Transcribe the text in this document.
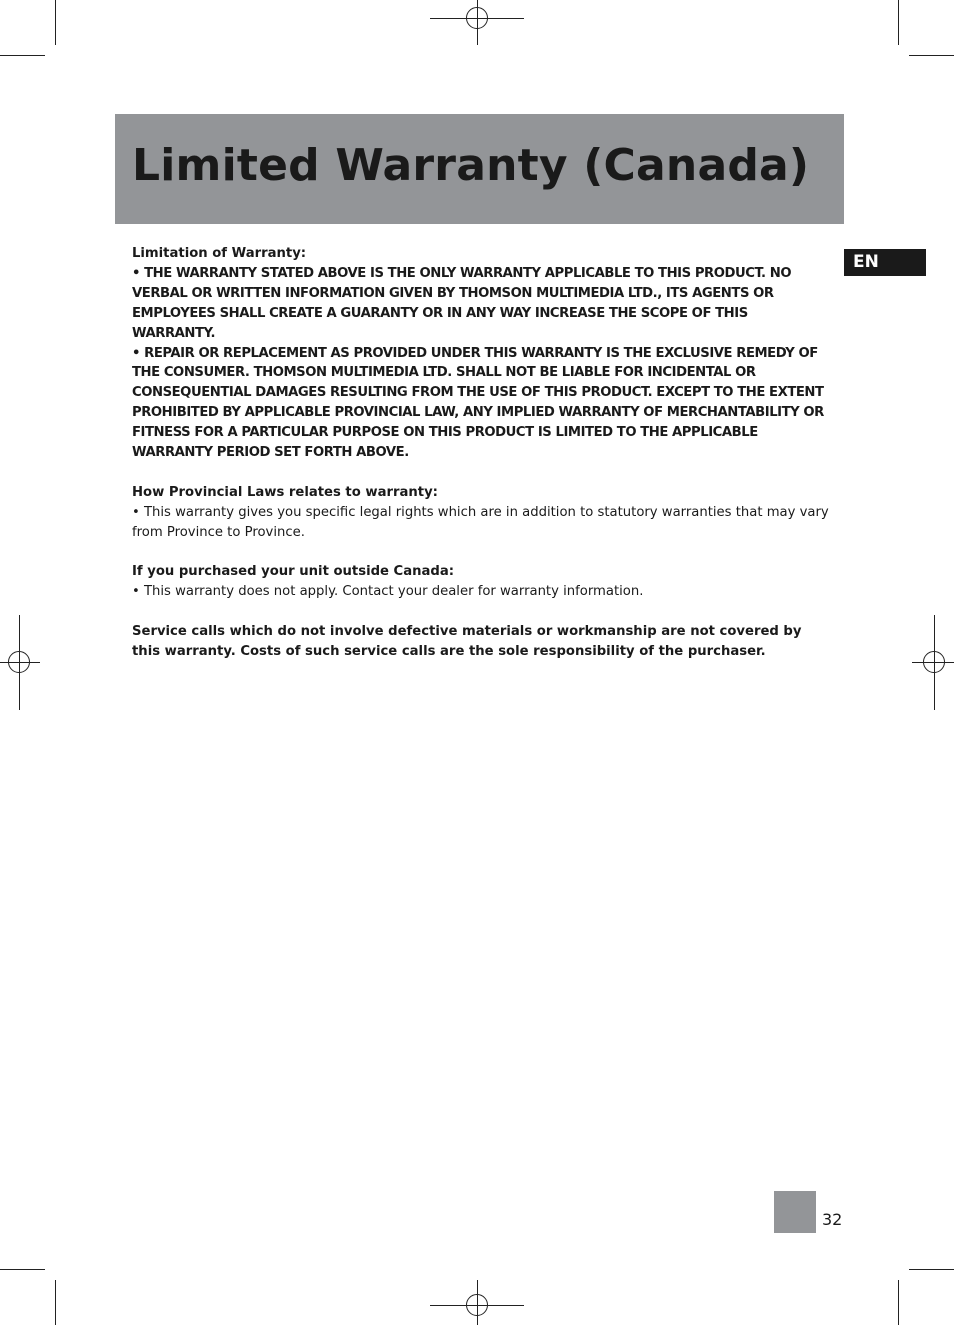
Limited Warranty (Canada)
EN

Limitation of Warranty:

• THE WARRANTY STATED ABOVE IS THE ONLY WARRANTY APPLICABLE TO THIS PRODUCT. NO VERBAL OR WRITTEN INFORMATION GIVEN BY THOMSON MULTIMEDIA LTD., ITS AGENTS OR EMPLOYEES SHALL CREATE A GUARANTY OR IN ANY WAY INCREASE THE SCOPE OF THIS WARRANTY.

• REPAIR OR REPLACEMENT AS PROVIDED UNDER THIS WARRANTY IS THE EXCLUSIVE REMEDY OF THE CONSUMER. THOMSON MULTIMEDIA LTD. SHALL NOT BE LIABLE FOR INCIDENTAL OR CONSEQUENTIAL DAMAGES RESULTING FROM THE USE OF THIS PRODUCT. EXCEPT TO THE EXTENT PROHIBITED BY APPLICABLE PROVINCIAL LAW, ANY IMPLIED WARRANTY OF MERCHANTABILITY OR FITNESS FOR A PARTICULAR PURPOSE ON THIS PRODUCT IS LIMITED TO THE APPLICABLE WARRANTY PERIOD SET FORTH ABOVE.

How Provincial Laws relates to warranty:

• This warranty gives you specific legal rights which are in addition to statutory warranties that may vary from Province to Province.

If you purchased your unit outside Canada:

• This warranty does not apply. Contact your dealer for warranty information.

Service calls which do not involve defective materials or workmanship are not covered by this warranty. Costs of such service calls are the sole responsibility of the purchaser.

32
